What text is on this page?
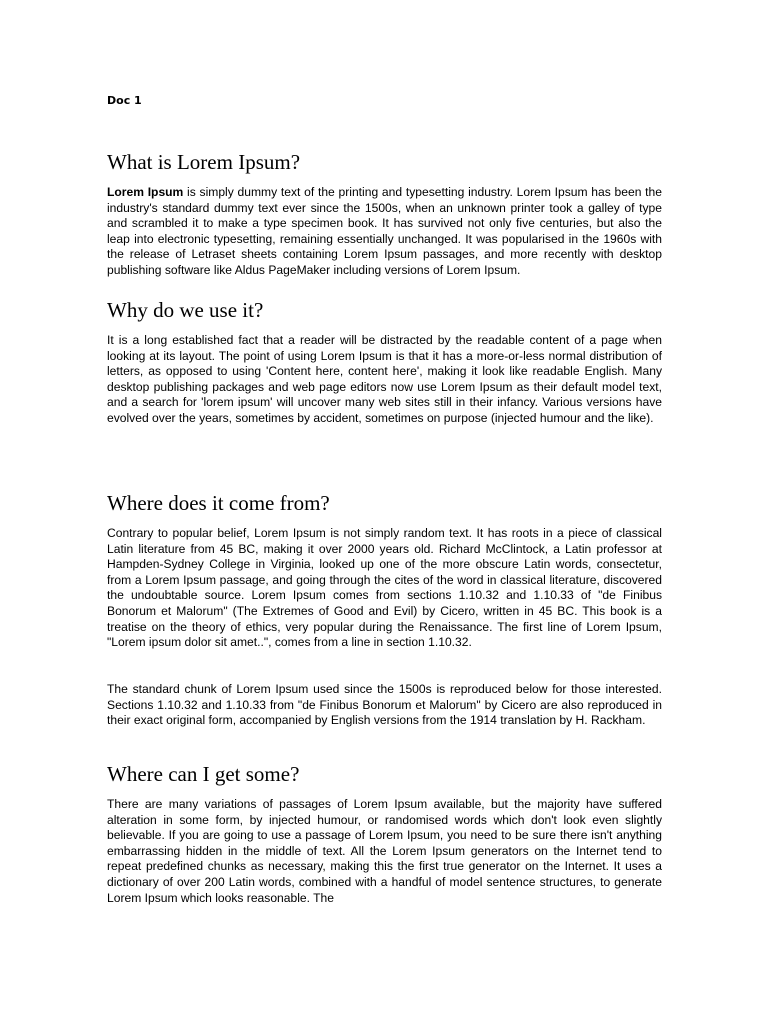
Doc 1
What is Lorem Ipsum?

Lorem Ipsum is simply dummy text of the printing and typesetting industry. Lorem Ipsum has been the industry's standard dummy text ever since the 1500s, when an unknown printer took a galley of type and scrambled it to make a type specimen book. It has survived not only five centuries, but also the leap into electronic typesetting, remaining essentially unchanged. It was popularised in the 1960s with the release of Letraset sheets containing Lorem Ipsum passages, and more recently with desktop publishing software like Aldus PageMaker including versions of Lorem Ipsum.

Why do we use it?

It is a long established fact that a reader will be distracted by the readable content of a page when looking at its layout. The point of using Lorem Ipsum is that it has a more-or-less normal distribution of letters, as opposed to using 'Content here, content here', making it look like readable English. Many desktop publishing packages and web page editors now use Lorem Ipsum as their default model text, and a search for 'lorem ipsum' will uncover many web sites still in their infancy. Various versions have evolved over the years, sometimes by accident, sometimes on purpose (injected humour and the like).

Where does it come from?

Contrary to popular belief, Lorem Ipsum is not simply random text. It has roots in a piece of classical Latin literature from 45 BC, making it over 2000 years old. Richard McClintock, a Latin professor at Hampden-Sydney College in Virginia, looked up one of the more obscure Latin words, consectetur, from a Lorem Ipsum passage, and going through the cites of the word in classical literature, discovered the undoubtable source. Lorem Ipsum comes from sections 1.10.32 and 1.10.33 of "de Finibus Bonorum et Malorum" (The Extremes of Good and Evil) by Cicero, written in 45 BC. This book is a treatise on the theory of ethics, very popular during the Renaissance. The first line of Lorem Ipsum, "Lorem ipsum dolor sit amet..", comes from a line in section 1.10.32.

The standard chunk of Lorem Ipsum used since the 1500s is reproduced below for those interested. Sections 1.10.32 and 1.10.33 from "de Finibus Bonorum et Malorum" by Cicero are also reproduced in their exact original form, accompanied by English versions from the 1914 translation by H. Rackham.

Where can I get some?

There are many variations of passages of Lorem Ipsum available, but the majority have suffered alteration in some form, by injected humour, or randomised words which don't look even slightly believable. If you are going to use a passage of Lorem Ipsum, you need to be sure there isn't anything embarrassing hidden in the middle of text. All the Lorem Ipsum generators on the Internet tend to repeat predefined chunks as necessary, making this the first true generator on the Internet. It uses a dictionary of over 200 Latin words, combined with a handful of model sentence structures, to generate Lorem Ipsum which looks reasonable. The
